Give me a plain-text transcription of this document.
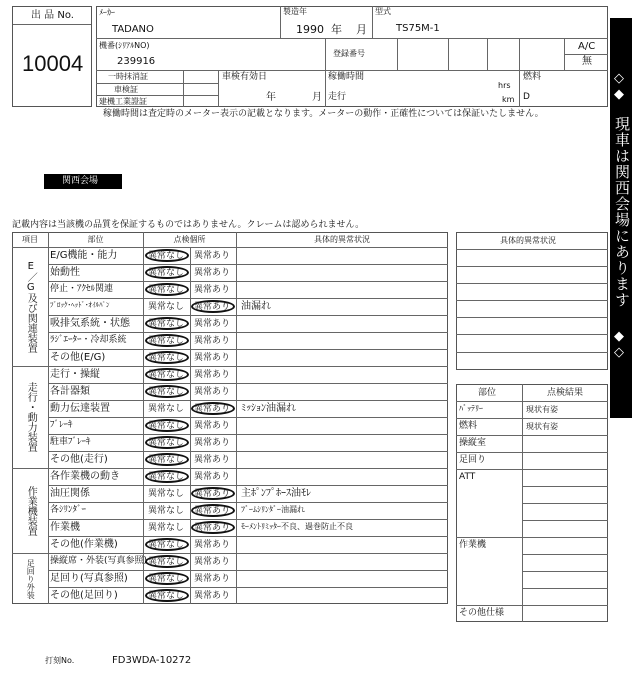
出 品 No.
10004
ﾒｰｶｰ
TADANO
製造年
1990 年 月
型式
TS75M-1
機番(ｼﾘｱﾙNO)
239916
登録番号
A/C
無
一時抹消証
車検証
建機工業證証
車検有効日
年	月
稼働時間
hrs
走行	km
燃料
D
稼働時間は査定時のメーター表示の記載となります。メーターの動作・正確性については保証いたしません。
関西会場
記載内容は当該機の品質を保証するものではありません。クレームは認められません。
◇
◆
現車は関西会場にあります
◆
◇
項目	部位	点検個所	具体的異常状況
E／G及び関連装置
E/G機能・能力	異常なし 異常あり
始動性	異常なし 異常あり
停止・ｱｸｾﾙ関連	異常なし 異常あり
ﾌﾞﾛｯｸ･ﾍｯﾄﾞ･ｵｲﾙﾊﾟﾝ	異常なし 異常あり 油漏れ
吸排気系統・状態 異常なし 異常あり
ﾗｼﾞｴｰﾀｰ・冷却系統 異常なし 異常あり
その他(E/G)	異常なし 異常あり
走行・動力装置
走行・操縦	異常なし 異常あり
各計器類	異常なし 異常あり
動力伝達装置	異常なし 異常あり ﾐｯｼｮﾝ油漏れ
ﾌﾞﾚｰｷ	異常なし 異常あり
駐車ﾌﾞﾚｰｷ	異常なし 異常あり
その他(走行)	異常なし 異常あり
作業機装置
各作業機の動き	異常なし 異常あり
油圧関係	異常なし 異常あり 主ﾎﾟﾝﾌﾟﾎｰｽ油ﾓﾚ
各ｼﾘﾝﾀﾞｰ	異常なし 異常あり ﾌﾞｰﾑｼﾘﾝﾀﾞｰ油漏れ
作業機	異常なし 異常あり ﾓｰﾒﾝﾄﾘﾐｯﾀｰ不良、過巻防止不良
その他(作業機)	異常なし 異常あり
足回り外装	操縦席・外装(写真参照) 異常なし 異常あり
足回り(写真参照) 異常なし 異常あり
その他(足回り)	異常なし 異常あり
具体的異常状況
部位	点検結果
ﾊﾞｯﾃﾘｰ	現状有姿
燃料	現状有姿
操縦室
足回り
ATT
作業機
その他仕様
打刻No.	FD3WDA-10272
